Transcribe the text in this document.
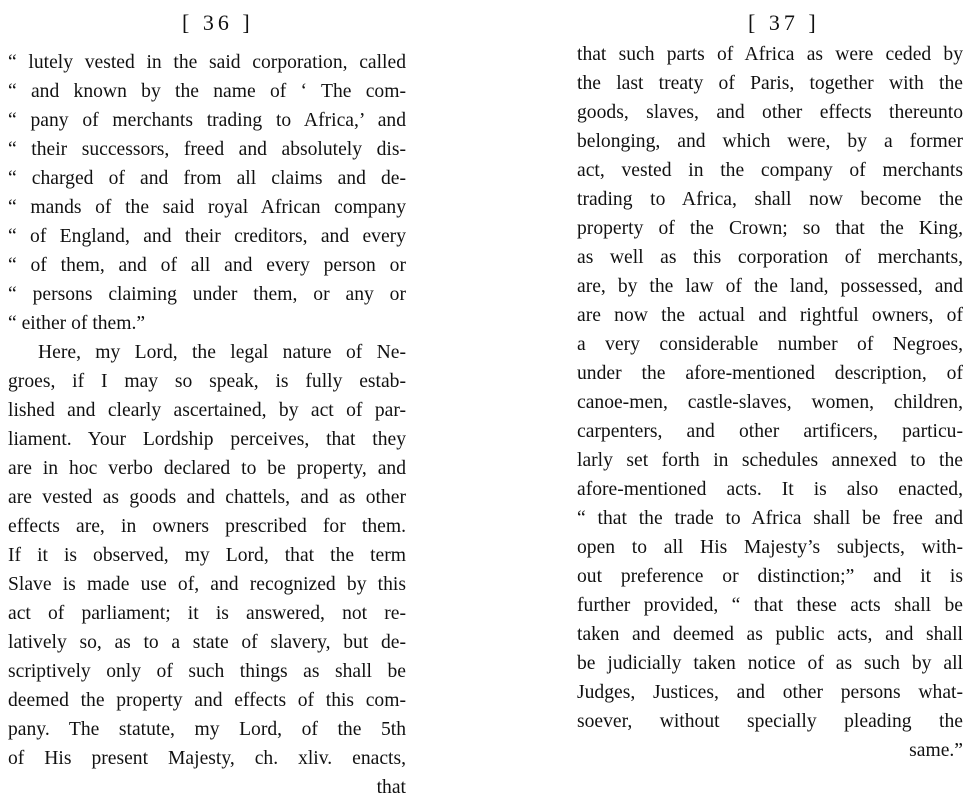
[ 36 ]
“ lutely vested in the said corporation, called
“ and known by the name of ‘ The com-
“ pany of merchants trading to Africa,’ and
“ their successors, freed and absolutely dis-
“ charged of and from all claims and de-
“ mands of the said royal African company
“ of England, and their creditors, and every
“ of them, and of all and every person or
“ persons claiming under them, or any or
“ either of them.”
Here, my Lord, the legal nature of Ne-
groes, if I may so speak, is fully estab-
lished and clearly ascertained, by act of par-
liament. Your Lordship perceives, that they
are in hoc verbo declared to be property, and
are vested as goods and chattels, and as other
effects are, in owners prescribed for them.
If it is observed, my Lord, that the term
Slave is made use of, and recognized by this
act of parliament; it is answered, not re-
latively so, as to a state of slavery, but de-
scriptively only of such things as shall be
deemed the property and effects of this com-
pany. The statute, my Lord, of the 5th
of His present Majesty, ch. xliv. enacts,
that
[ 37 ]
that such parts of Africa as were ceded by
the last treaty of Paris, together with the
goods, slaves, and other effects thereunto
belonging, and which were, by a former
act, vested in the company of merchants
trading to Africa, shall now become the
property of the Crown; so that the King,
as well as this corporation of merchants,
are, by the law of the land, possessed, and
are now the actual and rightful owners, of
a very considerable number of Negroes,
under the afore-mentioned description, of
canoe-men, castle-slaves, women, children,
carpenters, and other artificers, particu-
larly set forth in schedules annexed to the
afore-mentioned acts. It is also enacted,
“ that the trade to Africa shall be free and
open to all His Majesty’s subjects, with-
out preference or distinction;” and it is
further provided, “ that these acts shall be
taken and deemed as public acts, and shall
be judicially taken notice of as such by all
Judges, Justices, and other persons what-
soever, without specially pleading the
same.”
